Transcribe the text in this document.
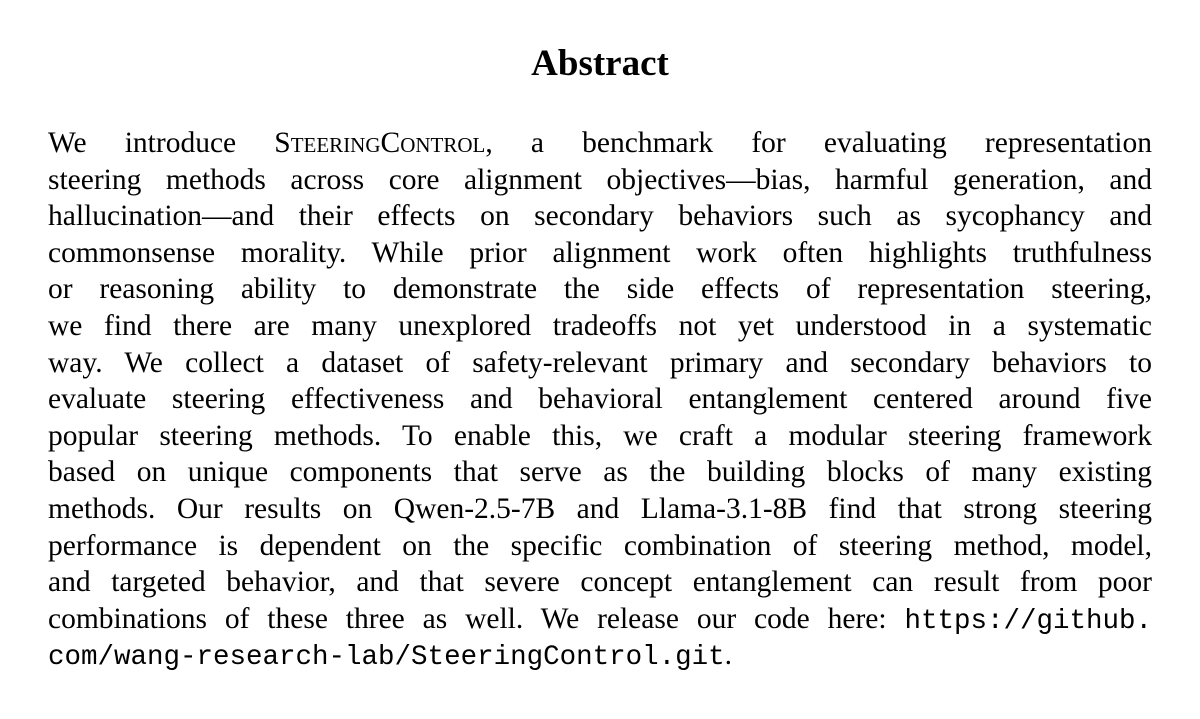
Abstract
We introduce SteeringControl, a benchmark for evaluating representation
steering methods across core alignment objectives—bias, harmful generation, and
hallucination—and their effects on secondary behaviors such as sycophancy and
commonsense morality. While prior alignment work often highlights truthfulness
or reasoning ability to demonstrate the side effects of representation steering,
we find there are many unexplored tradeoffs not yet understood in a systematic
way. We collect a dataset of safety-relevant primary and secondary behaviors to
evaluate steering effectiveness and behavioral entanglement centered around five
popular steering methods. To enable this, we craft a modular steering framework
based on unique components that serve as the building blocks of many existing
methods. Our results on Qwen-2.5-7B and Llama-3.1-8B find that strong steering
performance is dependent on the specific combination of steering method, model,
and targeted behavior, and that severe concept entanglement can result from poor
combinations of these three as well. We release our code here: https://github.
com/wang-research-lab/SteeringControl.git.
